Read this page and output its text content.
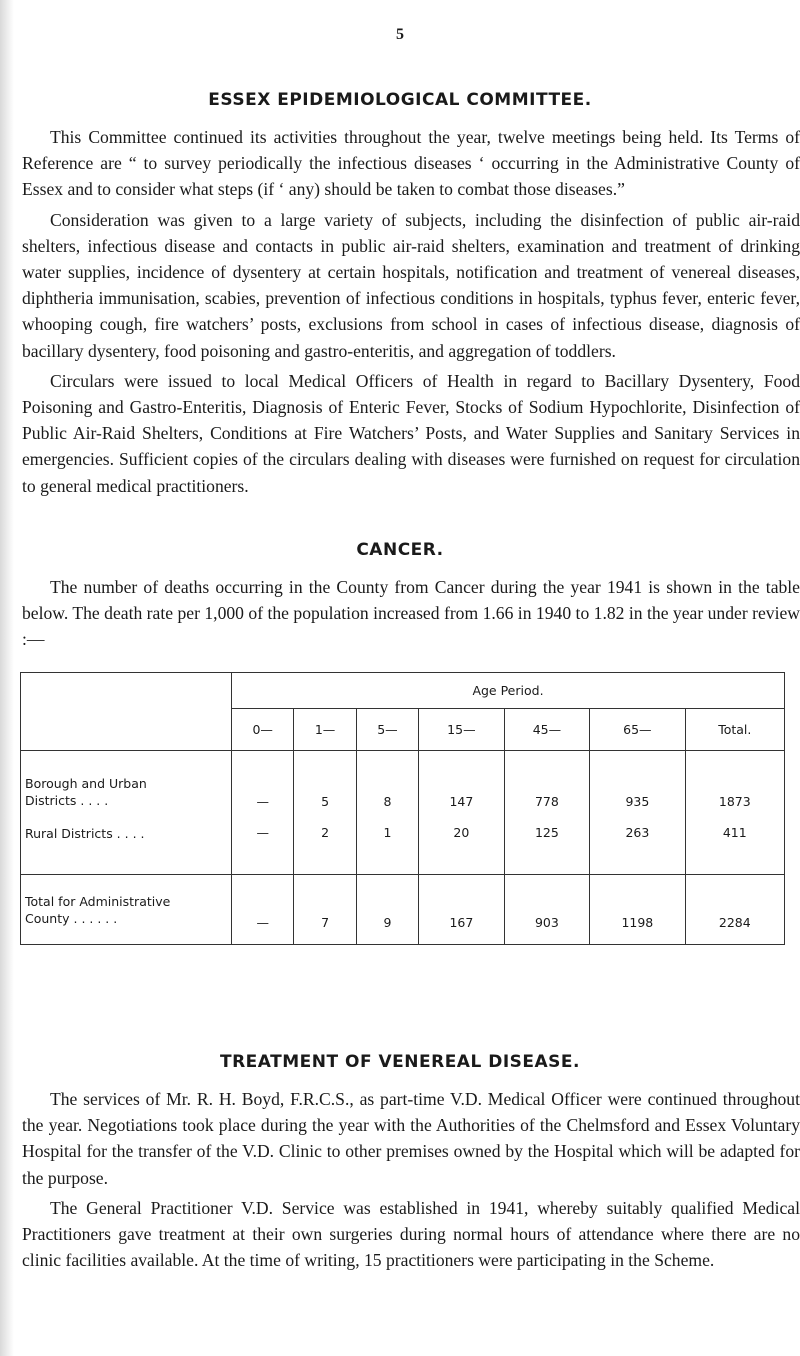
5
ESSEX EPIDEMIOLOGICAL COMMITTEE.

This Committee continued its activities throughout the year, twelve meetings being held. Its Terms of Reference are “ to survey periodically the infectious diseases ‘ occurring in the Administrative County of Essex and to consider what steps (if ‘ any) should be taken to combat those diseases.”

Consideration was given to a large variety of subjects, including the disinfection of public air-raid shelters, infectious disease and contacts in public air-raid shelters, examination and treatment of drinking water supplies, incidence of dysentery at certain hospitals, notification and treatment of venereal diseases, diphtheria immunisation, scabies, prevention of infectious conditions in hospitals, typhus fever, enteric fever, whooping cough, fire watchers’ posts, exclusions from school in cases of infectious disease, diagnosis of bacillary dysentery, food poisoning and gastro-enteritis, and aggregation of toddlers.

Circulars were issued to local Medical Officers of Health in regard to Bacillary Dysentery, Food Poisoning and Gastro-Enteritis, Diagnosis of Enteric Fever, Stocks of Sodium Hypochlorite, Disinfection of Public Air-Raid Shelters, Conditions at Fire Watchers’ Posts, and Water Supplies and Sanitary Services in emergencies. Sufficient copies of the circulars dealing with diseases were furnished on request for circulation to general medical practitioners.

CANCER.

The number of deaths occurring in the County from Cancer during the year 1941 is shown in the table below. The death rate per 1,000 of the population increased from 1.66 in 1940 to 1.82 in the year under review :—

	Age Period.						
	0—	1—	5—	15—	45—	65—	Total.

Borough and Urban
Districts . . . .	—	5	8	147	778	935	1873

Rural Districts . . . .	—	2	1	20	125	263	411

Total for Administrative
County . . . . . .	—	7	9	167	903	1198	2284
TREATMENT OF VENEREAL DISEASE.

The services of Mr. R. H. Boyd, F.R.C.S., as part-time V.D. Medical Officer were continued throughout the year. Negotiations took place during the year with the Authorities of the Chelmsford and Essex Voluntary Hospital for the transfer of the V.D. Clinic to other premises owned by the Hospital which will be adapted for the purpose.

The General Practitioner V.D. Service was established in 1941, whereby suitably qualified Medical Practitioners gave treatment at their own surgeries during normal hours of attendance where there are no clinic facilities available. At the time of writing, 15 practitioners were participating in the Scheme.
